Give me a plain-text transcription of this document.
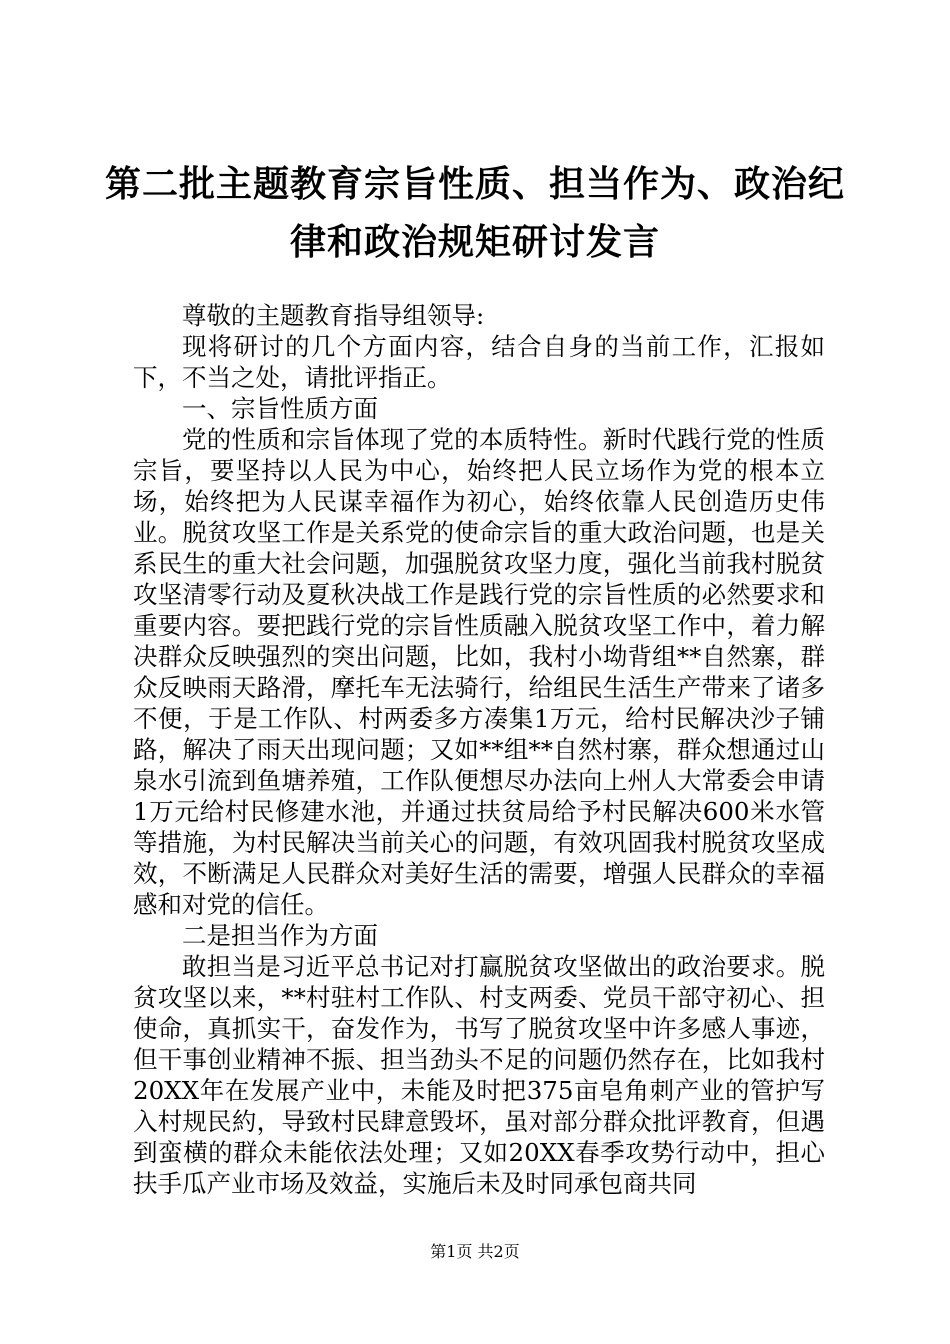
第二批主题教育宗旨性质、担当作为、政治纪
律和政治规矩研讨发言

尊敬的主题教育指导组领导:

现将研讨的几个方面内容，结合自身的当前工作，汇报如下，不当之处，请批评指正。

一、宗旨性质方面

党的性质和宗旨体现了党的本质特性。新时代践行党的性质宗旨，要坚持以人民为中心，始终把人民立场作为党的根本立场，始终把为人民谋幸福作为初心，始终依靠人民创造历史伟业。脱贫攻坚工作是关系党的使命宗旨的重大政治问题，也是关系民生的重大社会问题，加强脱贫攻坚力度，强化当前我村脱贫攻坚清零行动及夏秋决战工作是践行党的宗旨性质的必然要求和重要内容。要把践行党的宗旨性质融入脱贫攻坚工作中，着力解决群众反映强烈的突出问题，比如，我村小坳背组**自然寨，群众反映雨天路滑，摩托车无法骑行，给组民生活生产带来了诸多不便，于是工作队、村两委多方凑集1万元，给村民解决沙子铺路，解决了雨天出现问题；又如**组**自然村寨，群众想通过山泉水引流到鱼塘养殖，工作队便想尽办法向上州人大常委会申请1万元给村民修建水池，并通过扶贫局给予村民解决600米水管等措施，为村民解决当前关心的问题，有效巩固我村脱贫攻坚成效，不断满足人民群众对美好生活的需要，增强人民群众的幸福感和对党的信任。

二是担当作为方面

敢担当是习近平总书记对打赢脱贫攻坚做出的政治要求。脱贫攻坚以来，**村驻村工作队、村支两委、党员干部守初心、担使命，真抓实干，奋发作为，书写了脱贫攻坚中许多感人事迹，但干事创业精神不振、担当劲头不足的问题仍然存在，比如我村20XX年在发展产业中，未能及时把375亩皂角刺产业的管护写入村规民約，导致村民肆意毁坏，虽对部分群众批评教育，但遇到蛮横的群众未能依法处理；又如20XX春季攻势行动中，担心扶手瓜产业市场及效益，实施后未及时同承包商共同

第1页 共2页
